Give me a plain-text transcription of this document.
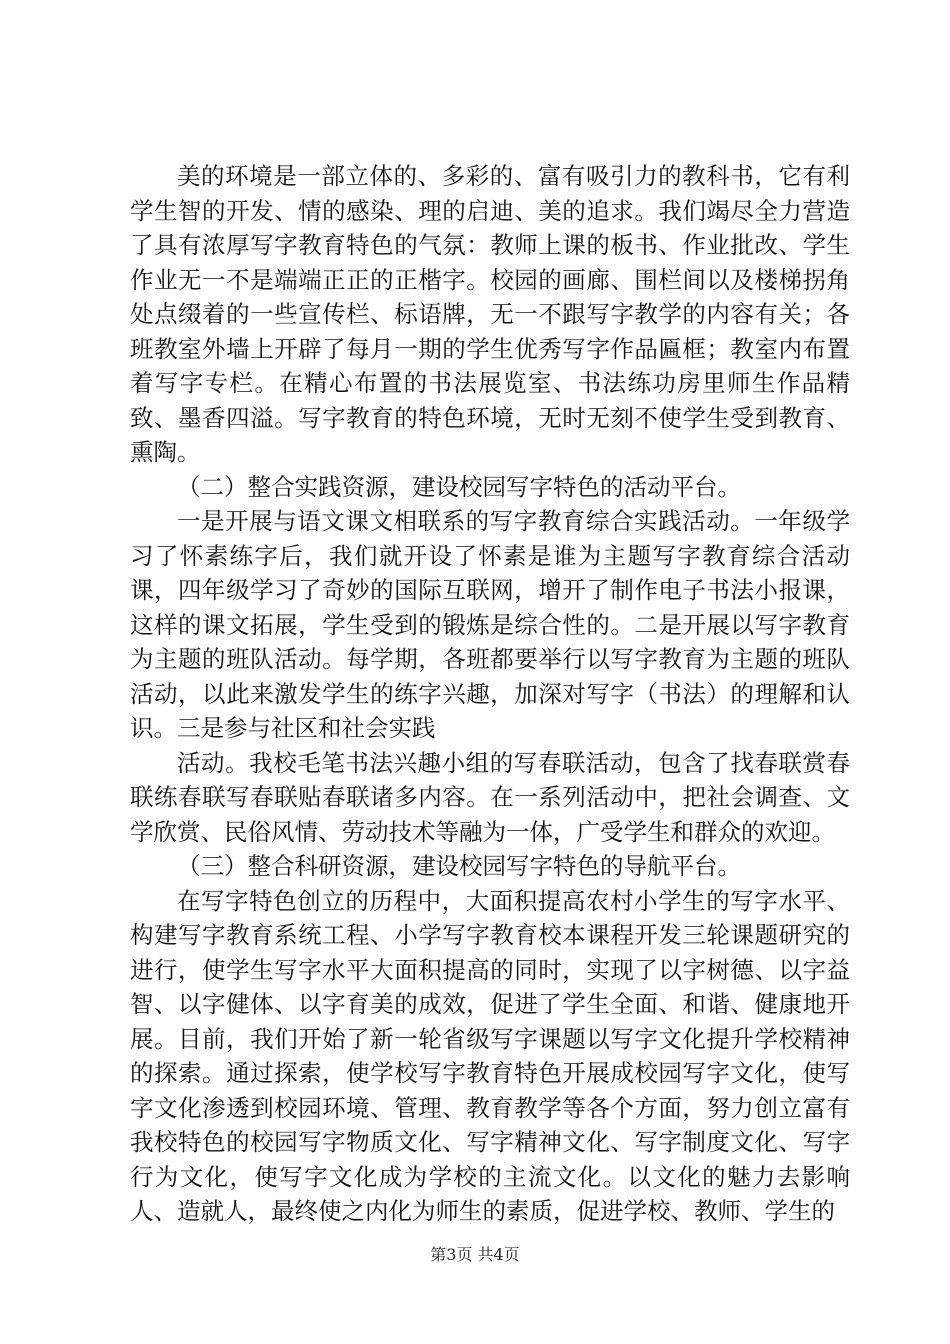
美的环境是一部立体的、多彩的、富有吸引力的教科书，它有利学生智的开发、情的感染、理的启迪、美的追求。我们竭尽全力营造了具有浓厚写字教育特色的气氛：教师上课的板书、作业批改、学生作业无一不是端端正正的正楷字。校园的画廊、围栏间以及楼梯拐角处点缀着的一些宣传栏、标语牌，无一不跟写字教学的内容有关；各班教室外墙上开辟了每月一期的学生优秀写字作品匾框；教室内布置着写字专栏。在精心布置的书法展览室、书法练功房里师生作品精致、墨香四溢。写字教育的特色环境，无时无刻不使学生受到教育、熏陶。

（二）整合实践资源，建设校园写字特色的活动平台。

一是开展与语文课文相联系的写字教育综合实践活动。一年级学习了怀素练字后，我们就开设了怀素是谁为主题写字教育综合活动课，四年级学习了奇妙的国际互联网，增开了制作电子书法小报课，这样的课文拓展，学生受到的锻炼是综合性的。二是开展以写字教育为主题的班队活动。每学期，各班都要举行以写字教育为主题的班队活动，以此来激发学生的练字兴趣，加深对写字（书法）的理解和认识。三是参与社区和社会实践

活动。我校毛笔书法兴趣小组的写春联活动，包含了找春联赏春联练春联写春联贴春联诸多内容。在一系列活动中，把社会调查、文学欣赏、民俗风情、劳动技术等融为一体，广受学生和群众的欢迎。

（三）整合科研资源，建设校园写字特色的导航平台。

在写字特色创立的历程中，大面积提高农村小学生的写字水平、构建写字教育系统工程、小学写字教育校本课程开发三轮课题研究的进行，使学生写字水平大面积提高的同时，实现了以字树德、以字益智、以字健体、以字育美的成效，促进了学生全面、和谐、健康地开展。目前，我们开始了新一轮省级写字课题以写字文化提升学校精神的探索。通过探索，使学校写字教育特色开展成校园写字文化，使写字文化渗透到校园环境、管理、教育教学等各个方面，努力创立富有我校特色的校园写字物质文化、写字精神文化、写字制度文化、写字行为文化，使写字文化成为学校的主流文化。以文化的魅力去影响人、造就人，最终使之内化为师生的素质，促进学校、教师、学生的

第3页 共4页
